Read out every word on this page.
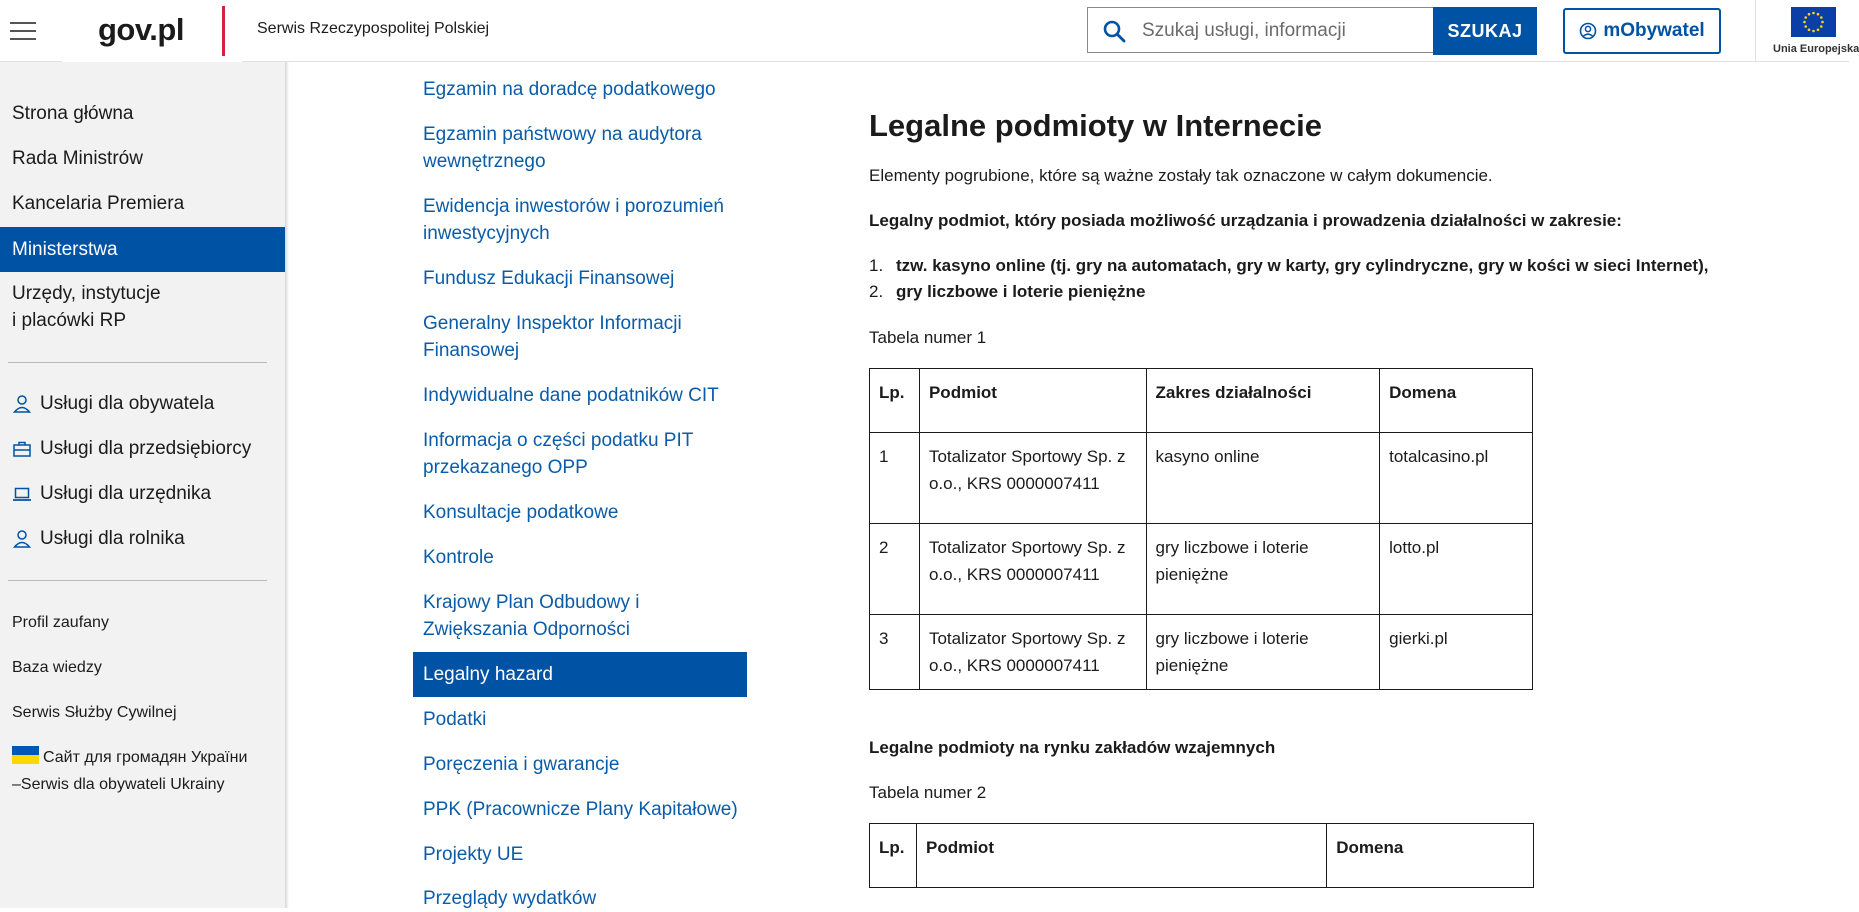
gov.pl	Serwis Rzeczypospolitej Polskiej
Szukaj usługi, informacji	SZUKAJ	mObywatel
Unia Europejska
Strona główna
Rada Ministrów
Kancelaria Premiera
Ministerstwa
Urzędy, instytucje
i placówki RP
Usługi dla obywatela
Usługi dla przedsiębiorcy
Usługi dla urzędnika
Usługi dla rolnika
Profil zaufany
Baza wiedzy
Serwis Służby Cywilnej
Сайт для громадян України
–Serwis dla obywateli Ukrainy
Egzamin na doradcę podatkowego
Egzamin państwowy na audytora
wewnętrznego
Ewidencja inwestorów i porozumień
inwestycyjnych
Fundusz Edukacji Finansowej
Generalny Inspektor Informacji
Finansowej
Indywidualne dane podatników CIT
Informacja o części podatku PIT
przekazanego OPP
Konsultacje podatkowe
Kontrole
Krajowy Plan Odbudowy i
Zwiększania Odporności
Legalny hazard
Podatki
Poręczenia i gwarancje
PPK (Pracownicze Plany Kapitałowe)
Projekty UE
Przeglądy wydatków
Legalne podmioty w Internecie

Elementy pogrubione, które są ważne zostały tak oznaczone w całym dokumencie.

Legalny podmiot, który posiada możliwość urządzania i prowadzenia działalności w zakresie:

1. tzw. kasyno online (tj. gry na automatach, gry w karty, gry cylindryczne, gry w kości w sieci Internet),
2. gry liczbowe i loterie pieniężne

Tabela numer 1

Lp.	Podmiot	Zakres działalności	Domena
1	Totalizator Sportowy Sp. z o.o., KRS 0000007411	kasyno online	totalcasino.pl
2	Totalizator Sportowy Sp. z o.o., KRS 0000007411	gry liczbowe i loterie pieniężne	lotto.pl
3	Totalizator Sportowy Sp. z o.o., KRS 0000007411	gry liczbowe i loterie pieniężne	gierki.pl

Legalne podmioty na rynku zakładów wzajemnych

Tabela numer 2

Lp.	Podmiot	Domena
